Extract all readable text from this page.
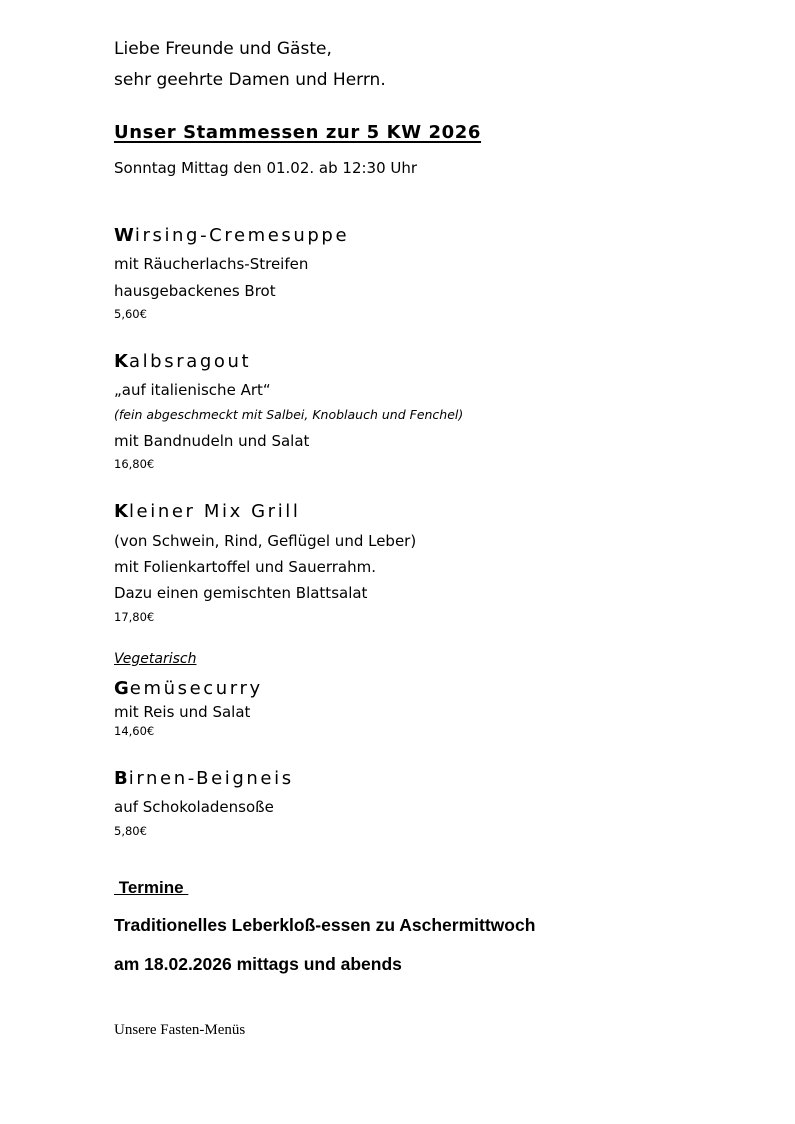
Liebe Freunde und Gäste,
sehr geehrte Damen und Herrn.
Unser Stammessen zur 5 KW 2026
Sonntag Mittag den 01.02. ab 12:30 Uhr
Wirsing-Cremesuppe
mit Räucherlachs-Streifen
hausgebackenes Brot
5,60€
Kalbsragout
„auf italienische Art“
(fein abgeschmeckt mit Salbei, Knoblauch und Fenchel)
mit Bandnudeln und Salat
16,80€
Kleiner Mix Grill
(von Schwein, Rind, Geflügel und Leber)
mit Folienkartoffel und Sauerrahm.
Dazu einen gemischten Blattsalat
17,80€
Vegetarisch
Gemüsecurry
mit Reis und Salat
14,60€
Birnen-Beigneis
auf Schokoladensoße
5,80€
Termine
Traditionelles Leberkloß-essen zu Aschermittwoch
am 18.02.2026 mittags und abends
Unsere Fasten-Menüs
